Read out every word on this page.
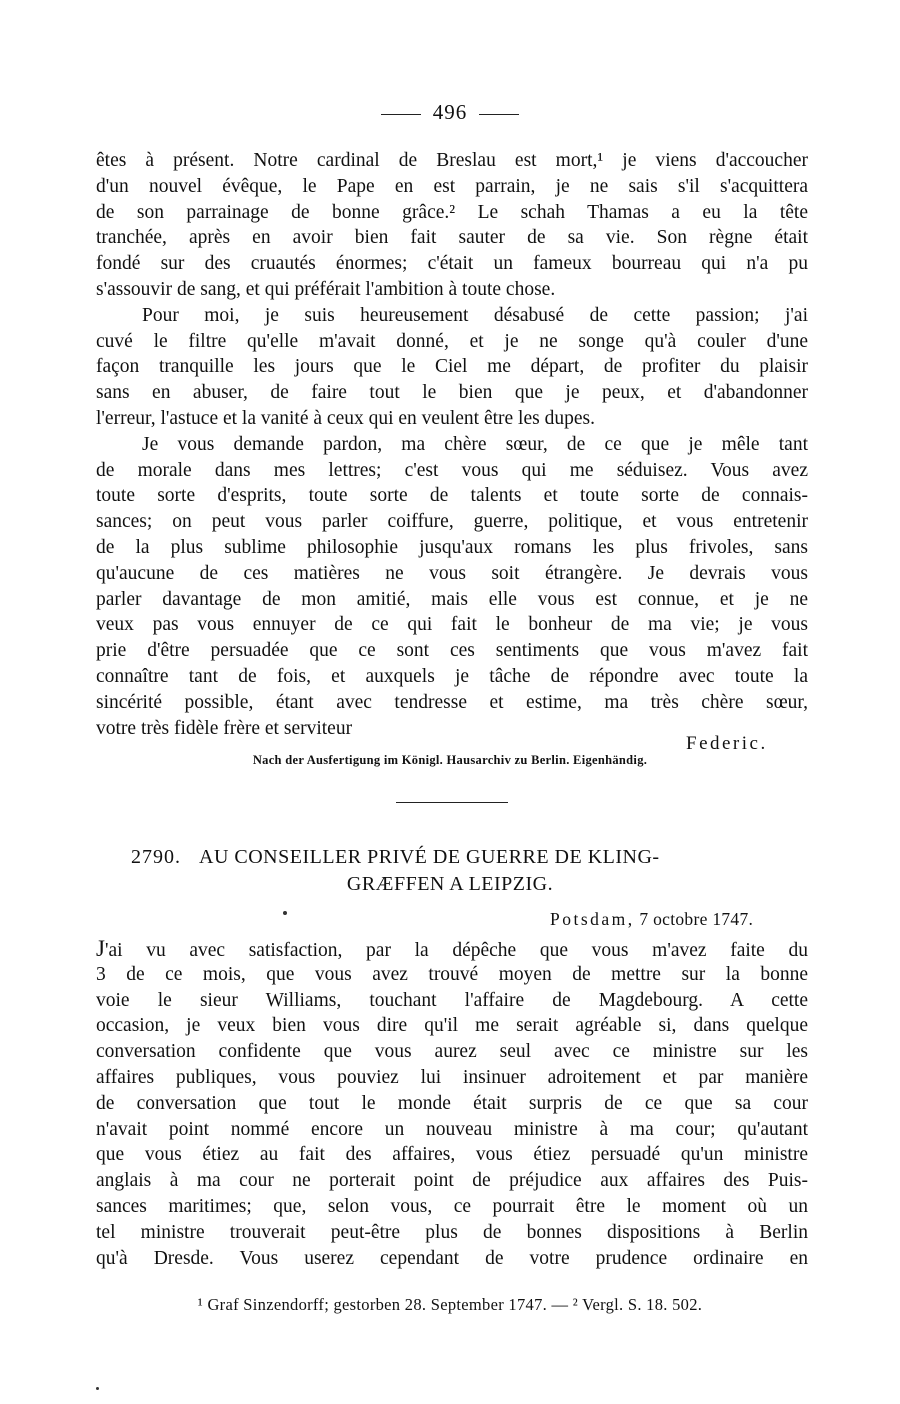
496
êtes à présent. Notre cardinal de Breslau est mort,¹ je viens d'accoucher
d'un nouvel évêque, le Pape en est parrain, je ne sais s'il s'acquittera
de son parrainage de bonne grâce.² Le schah Thamas a eu la tête
tranchée, après en avoir bien fait sauter de sa vie. Son règne était
fondé sur des cruautés énormes; c'était un fameux bourreau qui n'a pu
s'assouvir de sang, et qui préférait l'ambition à toute chose.
Pour moi, je suis heureusement désabusé de cette passion; j'ai
cuvé le filtre qu'elle m'avait donné, et je ne songe qu'à couler d'une
façon tranquille les jours que le Ciel me départ, de profiter du plaisir
sans en abuser, de faire tout le bien que je peux, et d'abandonner
l'erreur, l'astuce et la vanité à ceux qui en veulent être les dupes.
Je vous demande pardon, ma chère sœur, de ce que je mêle tant
de morale dans mes lettres; c'est vous qui me séduisez. Vous avez
toute sorte d'esprits, toute sorte de talents et toute sorte de connais-
sances; on peut vous parler coiffure, guerre, politique, et vous entretenir
de la plus sublime philosophie jusqu'aux romans les plus frivoles, sans
qu'aucune de ces matières ne vous soit étrangère. Je devrais vous
parler davantage de mon amitié, mais elle vous est connue, et je ne
veux pas vous ennuyer de ce qui fait le bonheur de ma vie; je vous
prie d'être persuadée que ce sont ces sentiments que vous m'avez fait
connaître tant de fois, et auxquels je tâche de répondre avec toute la
sincérité possible, étant avec tendresse et estime, ma très chère sœur,
votre très fidèle frère et serviteur
Federic.
Nach der Ausfertigung im Königl. Hausarchiv zu Berlin. Eigenhändig.
2790. AU CONSEILLER PRIVÉ DE GUERRE DE KLING-
GRÆFFEN A LEIPZIG.
Potsdam, 7 octobre 1747.
J'ai vu avec satisfaction, par la dépêche que vous m'avez faite du
3 de ce mois, que vous avez trouvé moyen de mettre sur la bonne
voie le sieur Williams, touchant l'affaire de Magdebourg. A cette
occasion, je veux bien vous dire qu'il me serait agréable si, dans quelque
conversation confidente que vous aurez seul avec ce ministre sur les
affaires publiques, vous pouviez lui insinuer adroitement et par manière
de conversation que tout le monde était surpris de ce que sa cour
n'avait point nommé encore un nouveau ministre à ma cour; qu'autant
que vous étiez au fait des affaires, vous étiez persuadé qu'un ministre
anglais à ma cour ne porterait point de préjudice aux affaires des Puis-
sances maritimes; que, selon vous, ce pourrait être le moment où un
tel ministre trouverait peut-être plus de bonnes dispositions à Berlin
qu'à Dresde. Vous userez cependant de votre prudence ordinaire en
¹ Graf Sinzendorff; gestorben 28. September 1747. — ² Vergl. S. 18. 502.
